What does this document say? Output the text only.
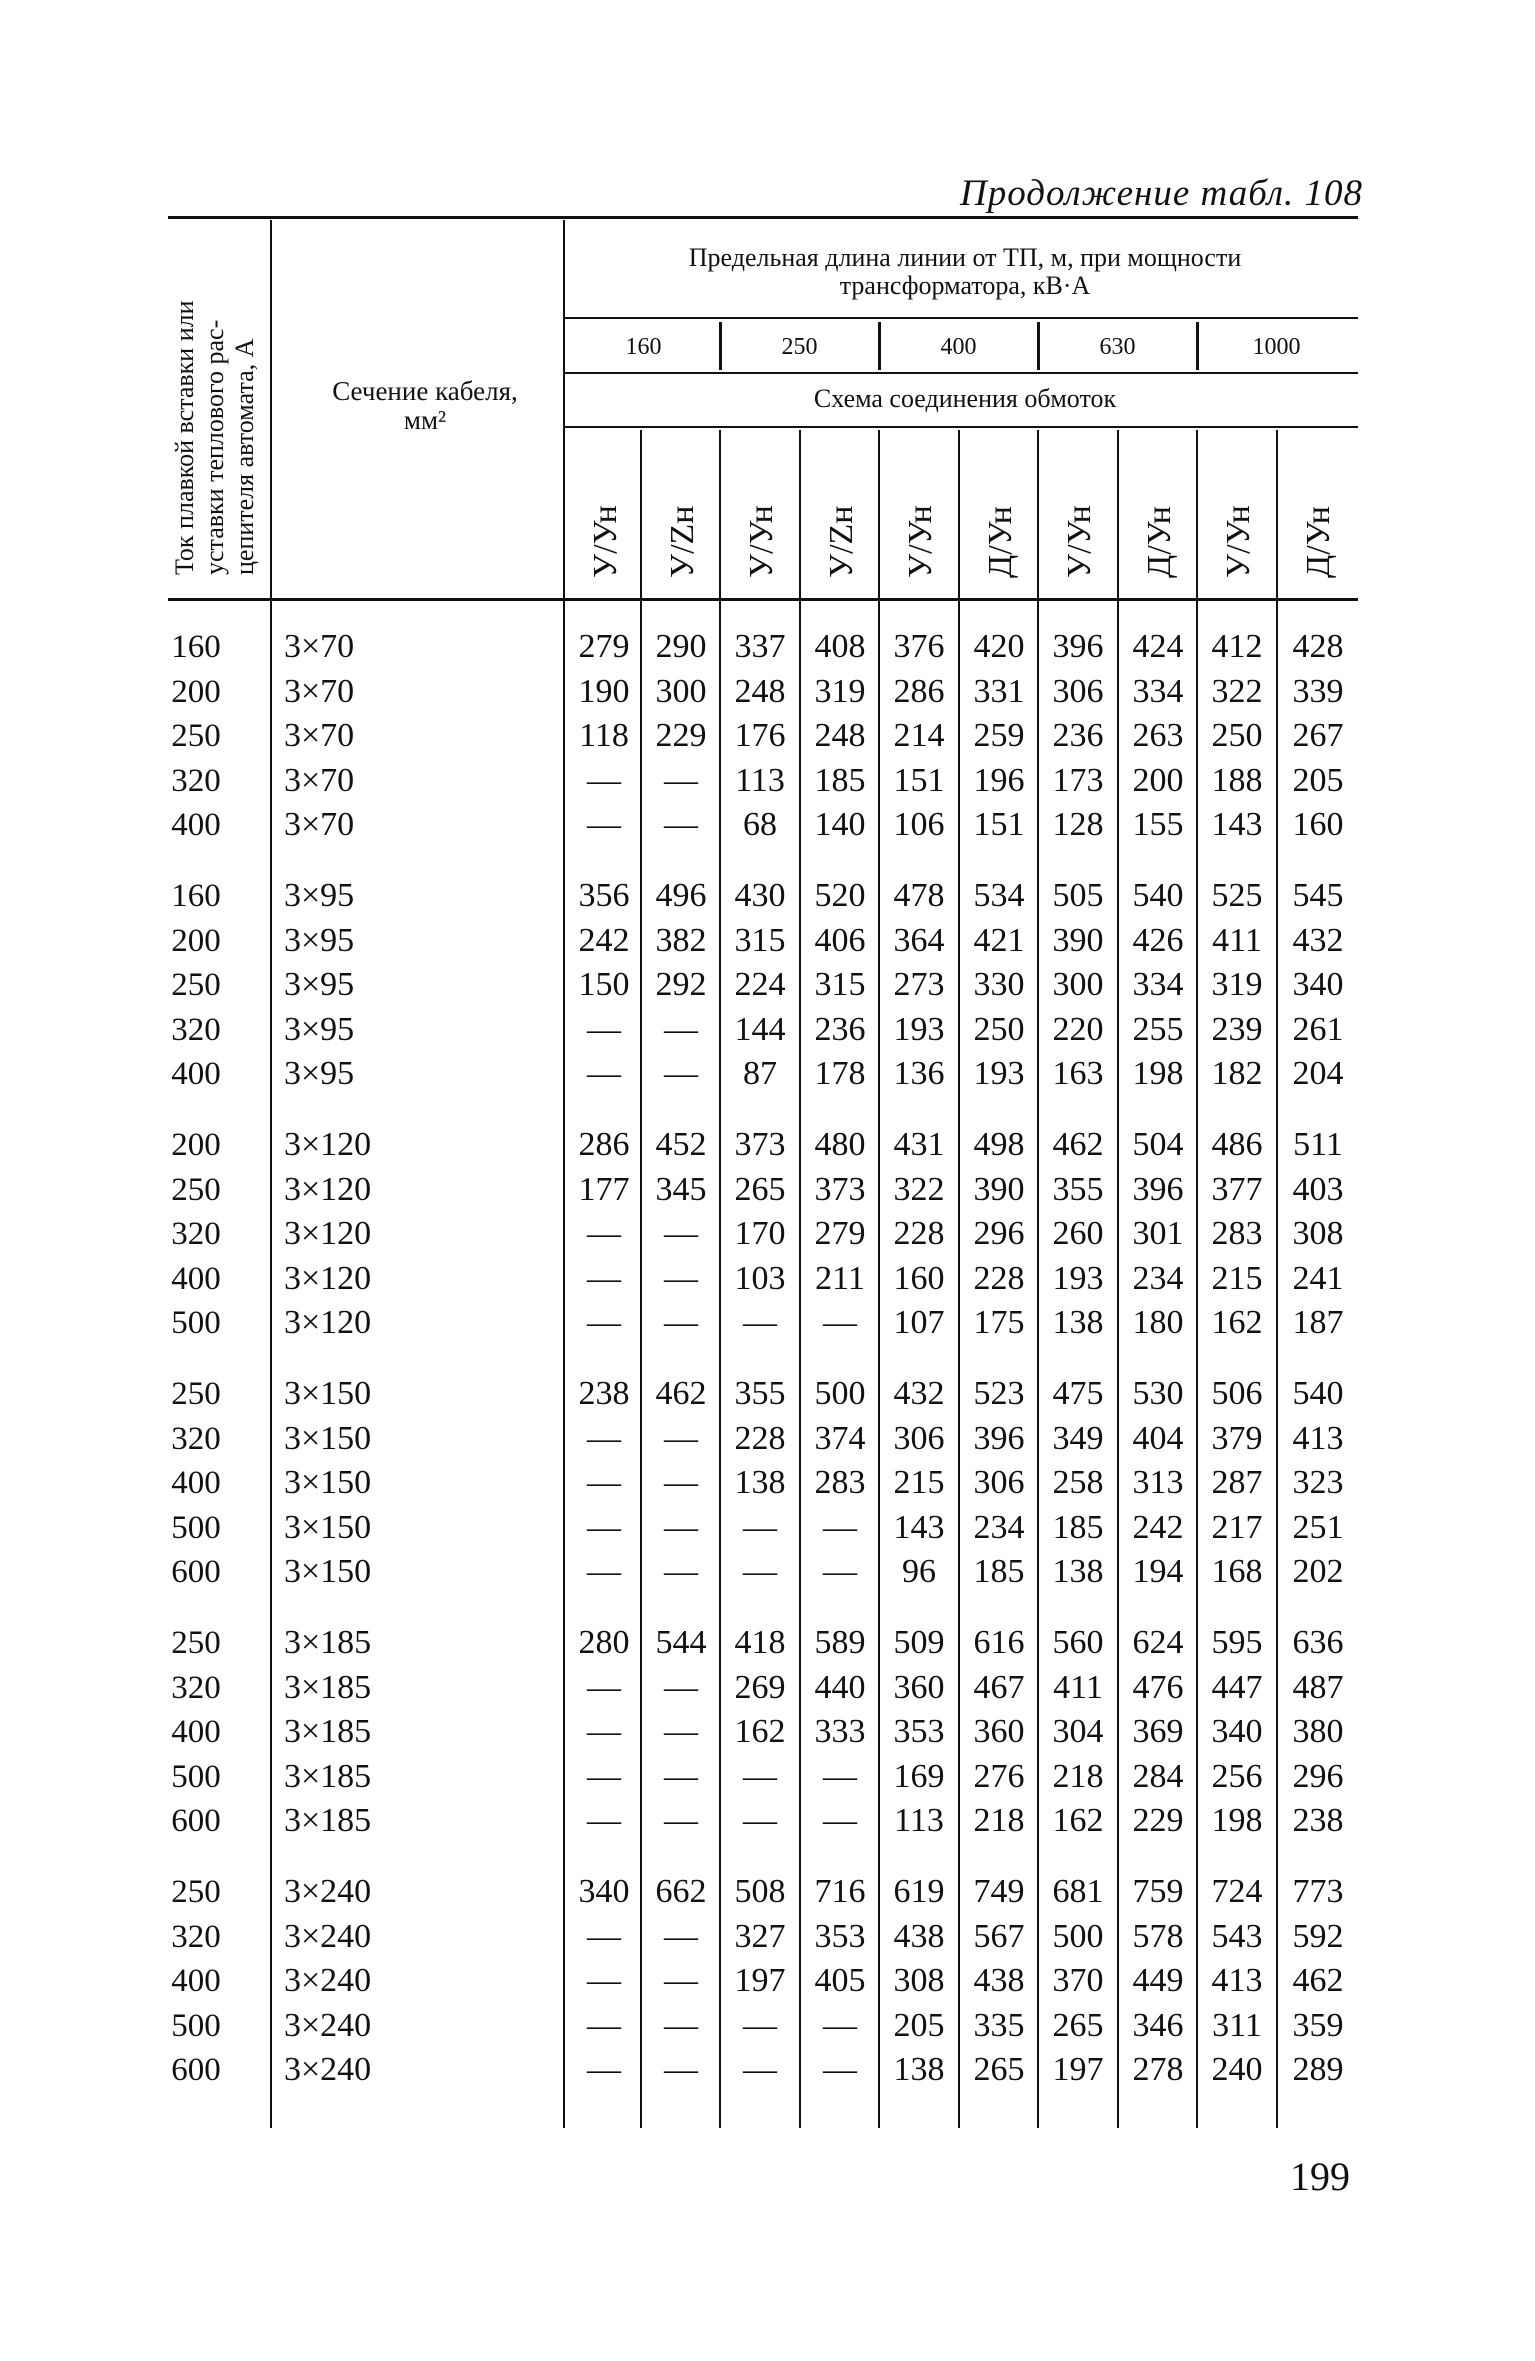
Продолжение табл. 108
Ток плавкой вставки или уставки теплового рас- цепителя автомата, А	Сечение кабеля,
мм²
Предельная длина линии от ТП, м, при мощности
трансформатора, кВ·А
160	250	400	630	1000
Схема соединения обмоток
У/Ун У/Zн У/Ун У/Zн У/Ун Д/Ун У/Ун Д/Ун У/Ун Д/Ун
160	3×70	279 290 337 408 376 420 396 424 412 428
200	3×70	190 300 248 319 286 331 306 334 322 339
250	3×70	118 229 176 248 214 259 236 263 250 267
320	3×70	—	—	113 185 151 196 173 200 188 205
400	3×70	—	—	68	140 106 151 128 155 143 160
160	3×95	356 496 430 520 478 534 505 540 525 545
200	3×95	242 382 315 406 364 421 390 426 411 432
250	3×95	150 292 224 315 273 330 300 334 319 340
320	3×95	—	—	144 236 193 250 220 255 239 261
400	3×95	—	—	87	178 136 193 163 198 182 204
200	3×120	286 452 373 480 431 498 462 504 486 511
250	3×120	177 345 265 373 322 390 355 396 377 403
320	3×120	—	—	170 279 228 296 260 301 283 308
400	3×120	—	—	103 211 160 228 193 234 215 241
500	3×120	—	—	—	—	107 175 138 180 162 187
250	3×150	238 462 355 500 432 523 475 530 506 540
320	3×150	—	—	228 374 306 396 349 404 379 413
400	3×150	—	—	138 283 215 306 258 313 287 323
500	3×150	—	—	—	—	143 234 185 242 217 251
600	3×150	—	—	—	—	96	185 138 194 168 202
250	3×185	280 544 418 589 509 616 560 624 595 636
320	3×185	—	—	269 440 360 467 411 476 447 487
400	3×185	—	—	162 333 353 360 304 369 340 380
500	3×185	—	—	—	—	169 276 218 284 256 296
600	3×185	—	—	—	—	113 218 162 229 198 238
250	3×240	340 662 508 716 619 749 681 759 724 773
320	3×240	—	—	327 353 438 567 500 578 543 592
400	3×240	—	—	197 405 308 438 370 449 413 462
500	3×240	—	—	—	—	205 335 265 346 311 359
600	3×240	—	—	—	—	138 265 197 278 240 289
199
